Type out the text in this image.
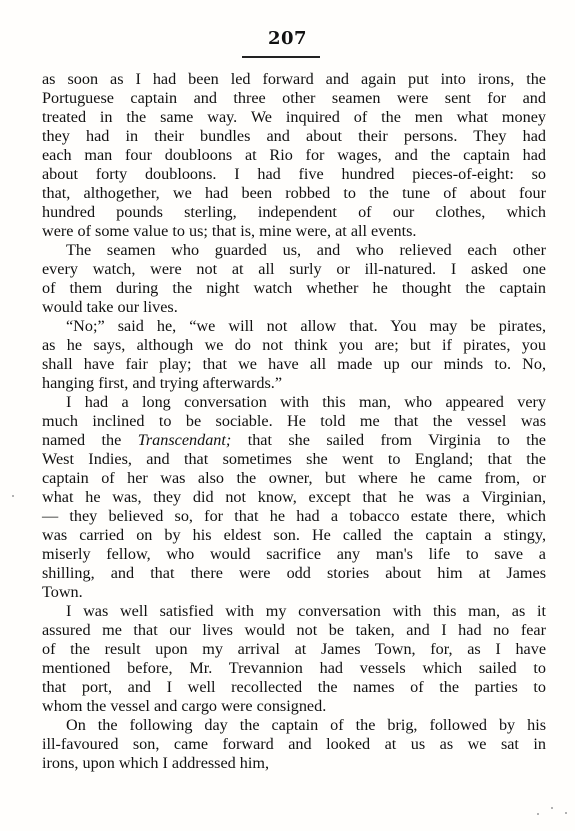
207
as soon as I had been led forward and again put into irons, the
Portuguese captain and three other seamen were sent for and
treated in the same way. We inquired of the men what money
they had in their bundles and about their persons. They had
each man four doubloons at Rio for wages, and the captain had
about forty doubloons. I had five hundred pieces-of-eight: so
that, althogether, we had been robbed to the tune of about four
hundred pounds sterling, independent of our clothes, which
were of some value to us; that is, mine were, at all events.
The seamen who guarded us, and who relieved each other
every watch, were not at all surly or ill-natured. I asked one
of them during the night watch whether he thought the captain
would take our lives.
“No;” said he, “we will not allow that. You may be pirates,
as he says, although we do not think you are; but if pirates, you
shall have fair play; that we have all made up our minds to. No,
hanging first, and trying afterwards.”
I had a long conversation with this man, who appeared very
much inclined to be sociable. He told me that the vessel was
named the Transcendant; that she sailed from Virginia to the
West Indies, and that sometimes she went to England; that the
captain of her was also the owner, but where he came from, or
what he was, they did not know, except that he was a Virginian,
— they believed so, for that he had a tobacco estate there, which
was carried on by his eldest son. He called the captain a stingy,
miserly fellow, who would sacrifice any man's life to save a
shilling, and that there were odd stories about him at James
Town.
I was well satisfied with my conversation with this man, as it
assured me that our lives would not be taken, and I had no fear
of the result upon my arrival at James Town, for, as I have
mentioned before, Mr. Trevannion had vessels which sailed to
that port, and I well recollected the names of the parties to
whom the vessel and cargo were consigned.
On the following day the captain of the brig, followed by his
ill-favoured son, came forward and looked at us as we sat in
irons, upon which I addressed him,
